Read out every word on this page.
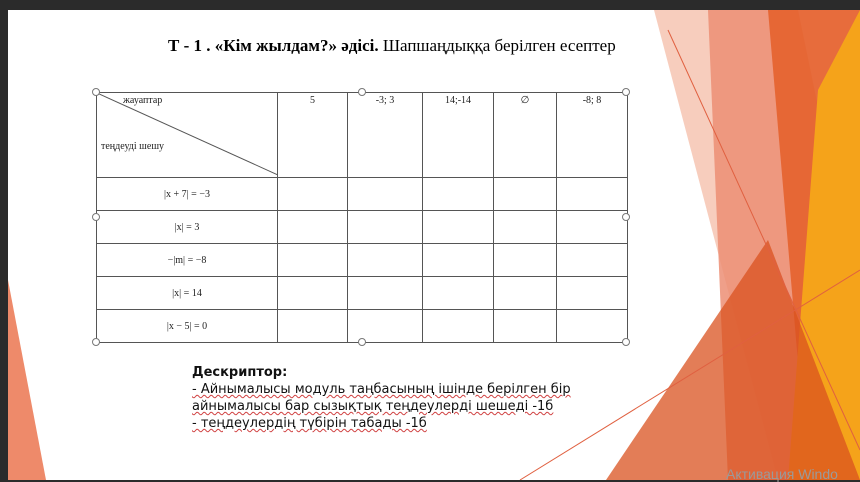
Т - 1 . «Кім жылдам?» әдісі. Шапшаңдыққа берілген есептер
жауаптар
теңдеуді шешу	5	-3; 3	14;-14	∅	-8; 8
|x + 7| = −3					
|x| = 3					
−|m| = −8					
|x| = 14					
|x − 5| = 0					
Дескриптор:
- Айнымалысы модуль таңбасының ішінде берілген бір
айнымалысы бар сызықтық теңдеулерді шешеді -1б
- теңдеулердің түбірін табады -1б
Активация Windo
